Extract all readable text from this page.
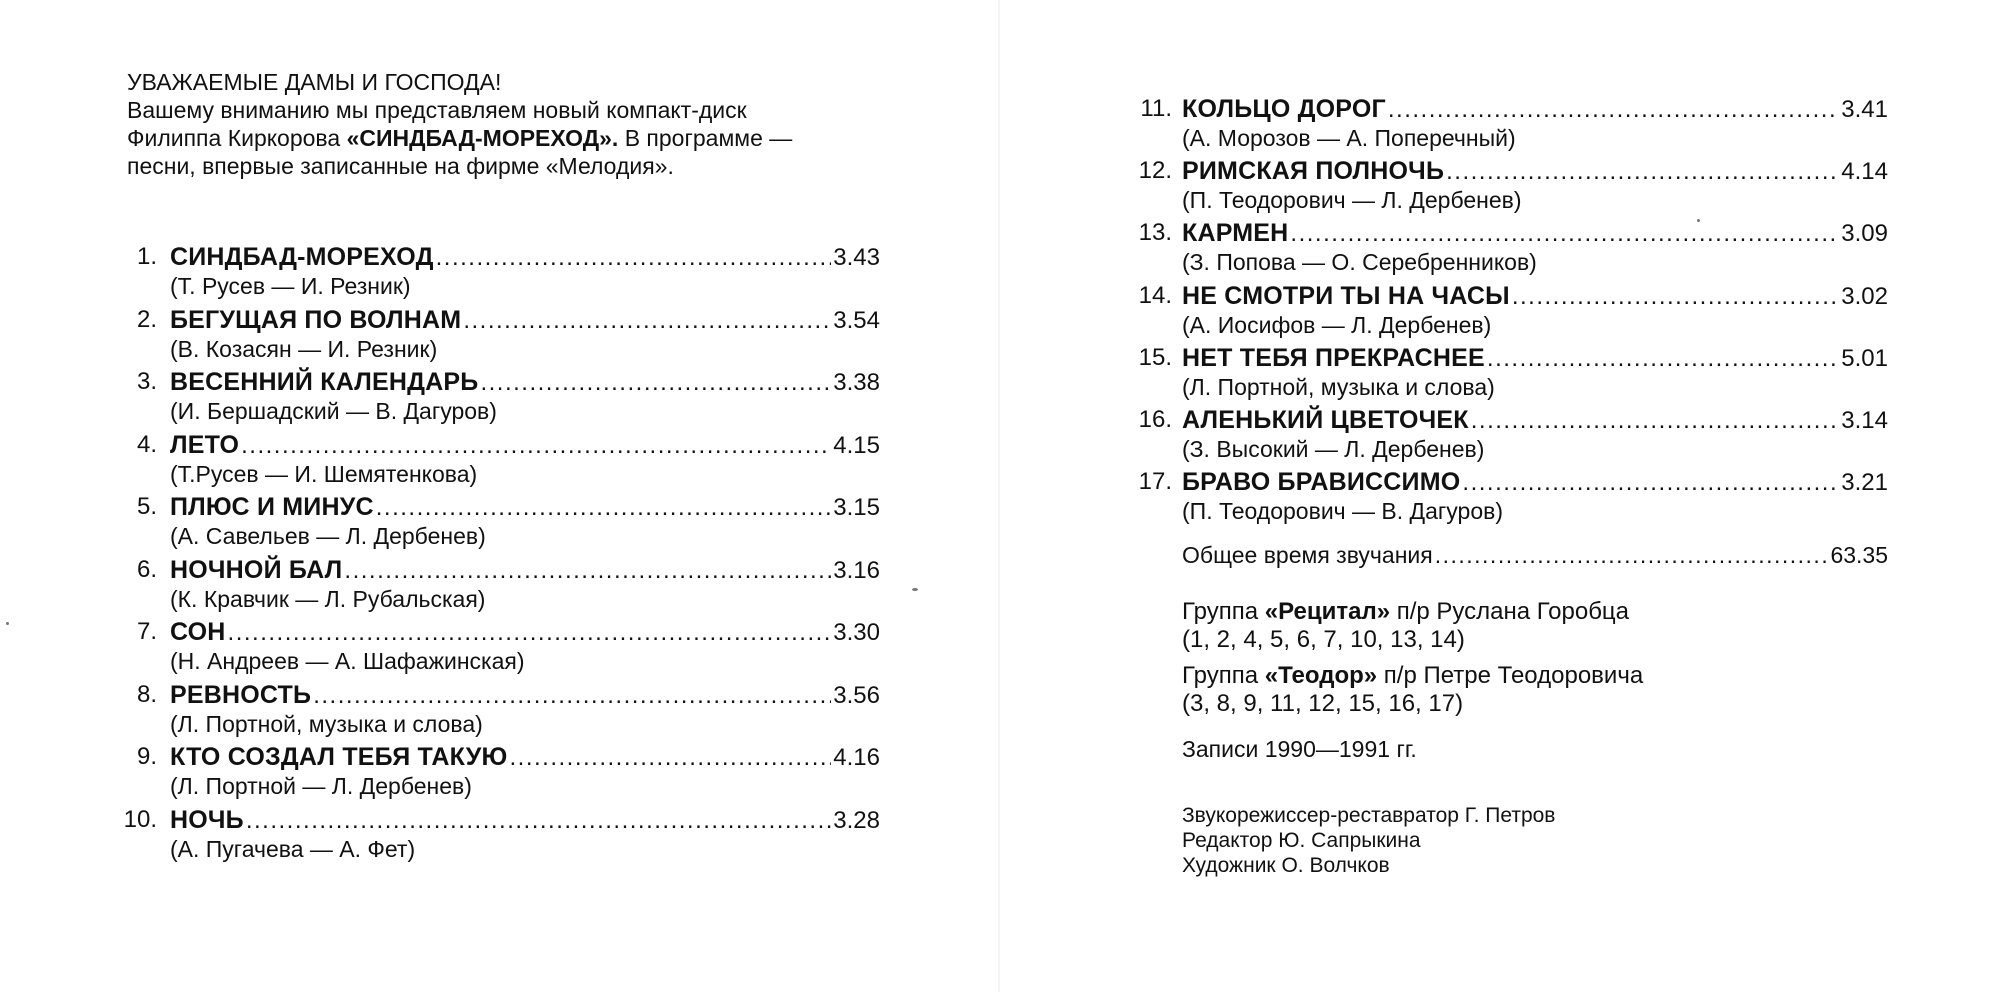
УВАЖАЕМЫЕ ДАМЫ И ГОСПОДА!
Вашему вниманию мы представляем новый компакт-диск
Филиппа Киркорова «СИНДБАД-МОРЕХОД». В программе —
песни, впервые записанные на фирме «Мелодия».
1. СИНДБАД-МОРЕХОД .....	3.43
(Т. Русев — И. Резник)
2. БЕГУЩАЯ ПО ВОЛНАМ .....	3.54
(В. Козасян — И. Резник)
3. ВЕСЕННИЙ КАЛЕНДАРЬ .....	3.38
(И. Бершадский — В. Дагуров)
4. ЛЕТО .....	4.15
(Т.Русев — И. Шемятенкова)
5. ПЛЮС И МИНУС .....	3.15
(А. Савельев — Л. Дербенев)
6. НОЧНОЙ БАЛ .....	3.16
(К. Кравчик — Л. Рубальская)
7. СОН .....	3.30
(Н. Андреев — А. Шафажинская)
8. РЕВНОСТЬ .....	3.56
(Л. Портной, музыка и слова)
9. КТО СОЗДАЛ ТЕБЯ ТАКУЮ .....	4.16
(Л. Портной — Л. Дербенев)
10. НОЧЬ .....	3.28
(А. Пугачева — А. Фет)
11. КОЛЬЦО ДОРОГ .....	3.41
(А. Морозов — А. Поперечный)
12. РИМСКАЯ ПОЛНОЧЬ .....	4.14
(П. Теодорович — Л. Дербенев)
13. КАРМЕН .....	3.09
(З. Попова — О. Серебренников)
14. НЕ СМОТРИ ТЫ НА ЧАСЫ .....	3.02
(А. Иосифов — Л. Дербенев)
15. НЕТ ТЕБЯ ПРЕКРАСНЕЕ .....	5.01
(Л. Портной, музыка и слова)
16. АЛЕНЬКИЙ ЦВЕТОЧЕК .....	3.14
(З. Высокий — Л. Дербенев)
17. БРАВО БРАВИССИМО .....	3.21
(П. Теодорович — В. Дагуров)
Общее время звучания .....	63.35
Группа «Рецитал» п/р Руслана Горобца
(1, 2, 4, 5, 6, 7, 10, 13, 14)
Группа «Теодор» п/р Петре Теодоровича
(3, 8, 9, 11, 12, 15, 16, 17)
Записи 1990—1991 гг.
Звукорежиссер-реставратор Г. Петров
Редактор Ю. Сапрыкина
Художник О. Волчков
